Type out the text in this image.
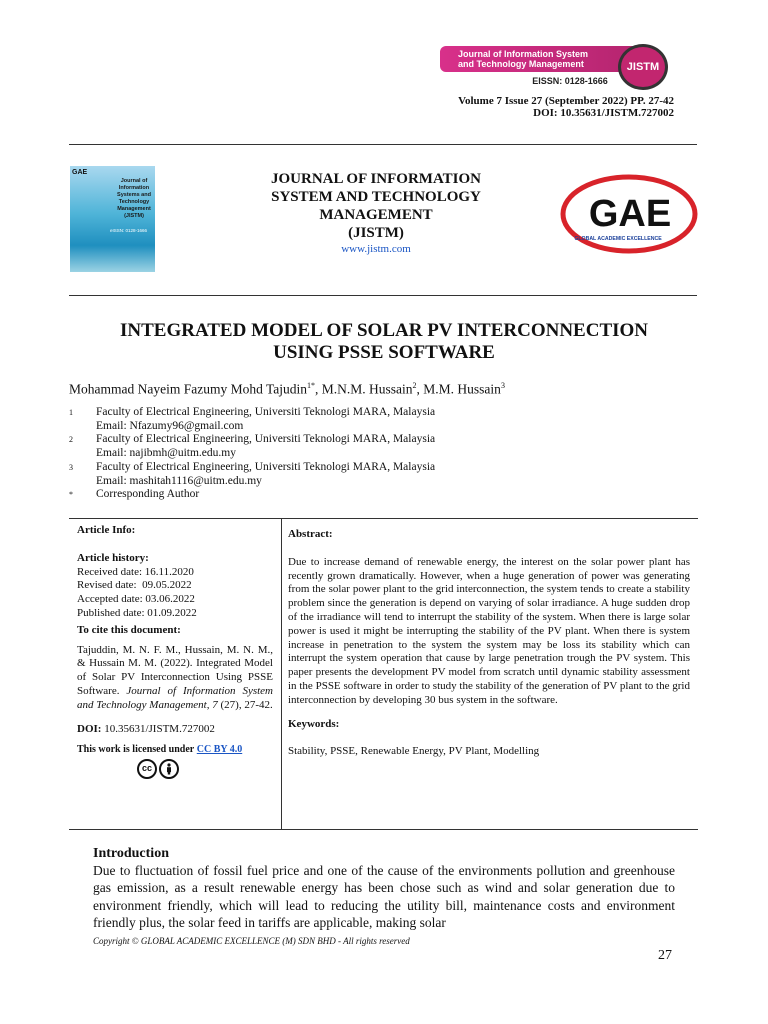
Journal of Information System
and Technology Management
EISSN: 0128-1666
JISTM
Volume 7 Issue 27 (September 2022) PP. 27-42
DOI: 10.35631/JISTM.727002
GAE
Journal of Information Systems and Technology Management (JISTM)
eISSN: 0128-1666
JOURNAL OF INFORMATION
SYSTEM AND TECHNOLOGY
MANAGEMENT
(JISTM)
www.jistm.com
GAE
GLOBAL ACADEMIC EXCELLENCE
INTEGRATED MODEL OF SOLAR PV INTERCONNECTION
USING PSSE SOFTWARE
Mohammad Nayeim Fazumy Mohd Tajudin$^{1*}$, M.N.M. Hussain$^2$, M.M. Hussain$^3$
1	Faculty of Electrical Engineering, Universiti Teknologi MARA, Malaysia
Email: Nfazumy96@gmail.com
2	Faculty of Electrical Engineering, Universiti Teknologi MARA, Malaysia
Email: najibmh@uitm.edu.my
3	Faculty of Electrical Engineering, Universiti Teknologi MARA, Malaysia
Email: mashitah1116@uitm.edu.my
*	Corresponding Author
Article Info:
Article history:
Received date: 16.11.2020
Revised date:  09.05.2022
Accepted date: 03.06.2022
Published date: 01.09.2022
To cite this document:
Tajuddin, M. N. F. M., Hussain, M. N. M., & Hussain M. M. (2022). Integrated Model of Solar PV Interconnection Using PSSE Software. Journal of Information System and Technology Management, 7 (27), 27-42.
DOI: 10.35631/JISTM.727002
This work is licensed under CC BY 4.0
cc
Abstract:
Due to increase demand of renewable energy, the interest on the solar power plant has recently grown dramatically. However, when a huge generation of power was generating from the solar power plant to the grid interconnection, the system tends to create a stability problem since the generation is depend on varying of solar irradiance. A huge sudden drop of the irradiance will tend to interrupt the stability of the system. When there is large solar power is used it might be interrupting the stability of the PV plant. When there is system increase in penetration to the system the system may be loss its stability which can interrupt the system operation that cause by large penetration trough the PV system. This paper presents the development PV model from scratch until dynamic stability assessment in the PSSE software in order to study the stability of the generation of PV plant to the grid interconnection by developing 30 bus system in the software.
Keywords:
Stability, PSSE, Renewable Energy, PV Plant, Modelling
Introduction
Due to fluctuation of fossil fuel price and one of the cause of the environments pollution and greenhouse gas emission, as a result renewable energy has been chose such as wind and solar generation due to environment friendly, which will lead to reducing the utility bill, maintenance costs and environment friendly plus, the solar feed in tariffs are applicable, making solar
Copyright © GLOBAL ACADEMIC EXCELLENCE (M) SDN BHD - All rights reserved
27
